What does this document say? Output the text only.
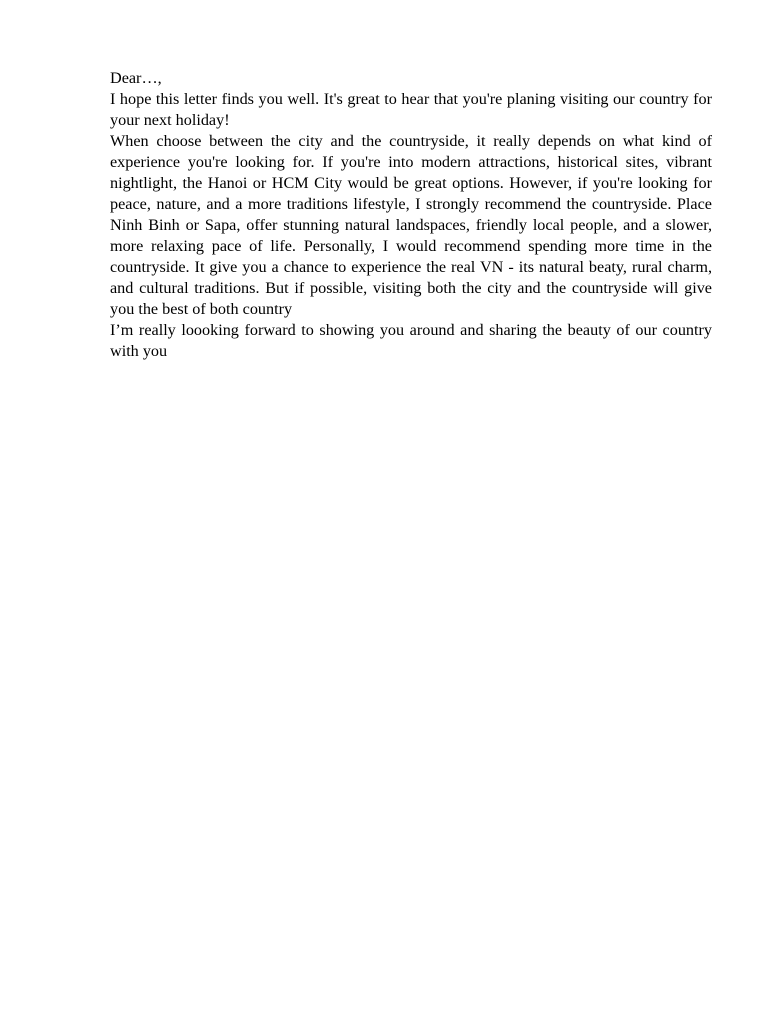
Dear…,

I hope this letter finds you well. It's great to hear that you're planing visiting our country for your next holiday!

When choose between the city and the countryside, it really depends on what kind of experience you're looking for. If you're into modern attractions, historical sites, vibrant nightlight, the Hanoi or HCM City would be great options. However, if you're looking for peace, nature, and a more traditions lifestyle, I strongly recommend the countryside. Place Ninh Binh or Sapa, offer stunning natural landspaces, friendly local people, and a slower, more relaxing pace of life. Personally, I would recommend spending more time in the countryside. It give you a chance to experience the real VN - its natural beaty, rural charm, and cultural traditions. But if possible, visiting both the city and the countryside will give you the best of both country

I’m really loooking forward to showing you around and sharing the beauty of our country with you
